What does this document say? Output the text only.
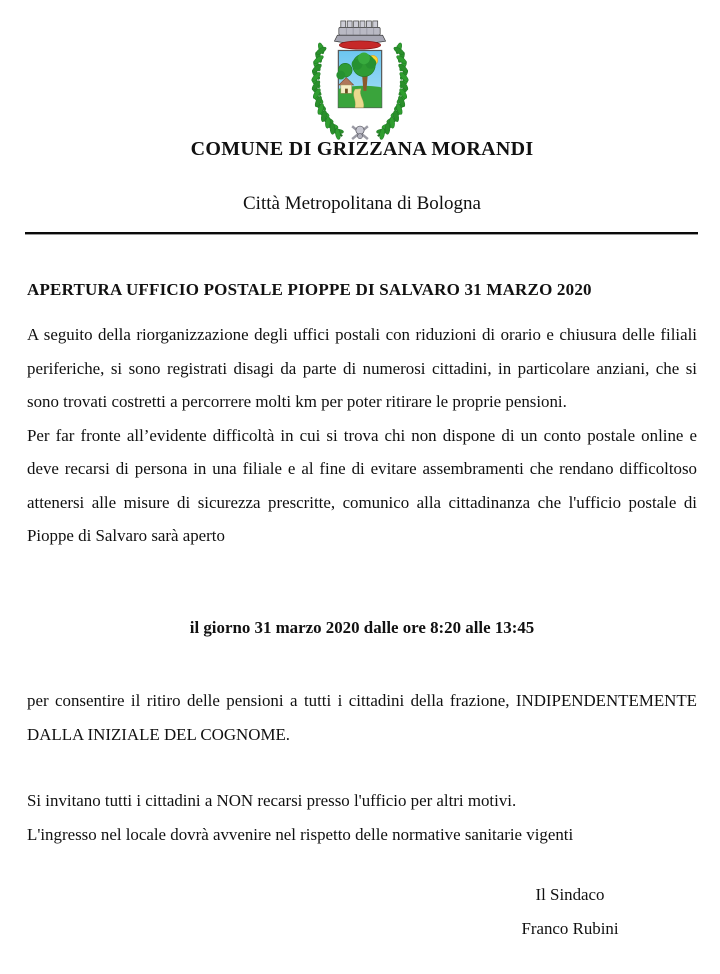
COMUNE DI GRIZZANA MORANDI
Città Metropolitana di Bologna
APERTURA UFFICIO POSTALE PIOPPE DI SALVARO 31 MARZO 2020

A seguito della riorganizzazione degli uffici postali con riduzioni di orario e chiusura delle filiali periferiche, si sono registrati disagi da parte di numerosi cittadini, in particolare anziani, che si sono trovati costretti a percorrere molti km per poter ritirare le proprie pensioni.

Per far fronte all’evidente difficoltà in cui si trova chi non dispone di un conto postale online e deve recarsi di persona in una filiale e al fine di evitare assembramenti che rendano difficoltoso attenersi alle misure di sicurezza prescritte, comunico alla cittadinanza che l'ufficio postale di Pioppe di Salvaro sarà aperto

il giorno 31 marzo 2020 dalle ore 8:20 alle 13:45
per consentire il ritiro delle pensioni a tutti i cittadini della frazione, INDIPENDENTEMENTE DALLA INIZIALE DEL COGNOME.

Si invitano tutti i cittadini a NON recarsi presso l'ufficio per altri motivi.

L'ingresso nel locale dovrà avvenire nel rispetto delle normative sanitarie vigenti

Il Sindaco

Franco Rubini
